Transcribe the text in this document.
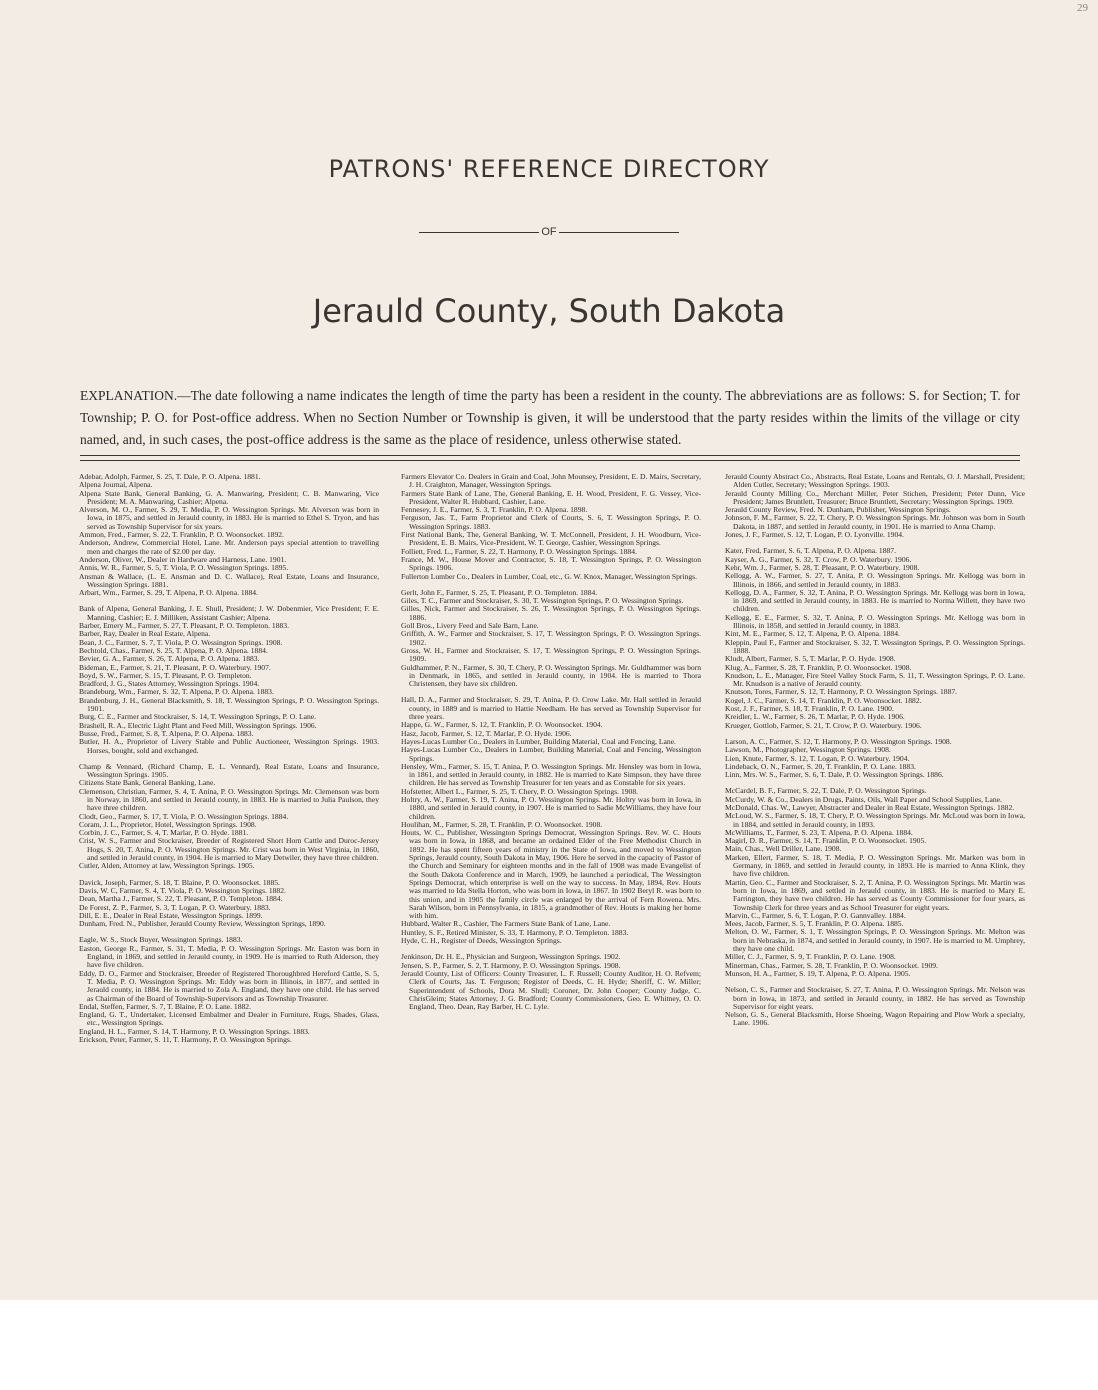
29
PATRONS' REFERENCE DIRECTORY
OF
Jerauld County, South Dakota
EXPLANATION.—The date following a name indicates the length of time the party has been a resident in the county. The abbreviations are as follows: S. for Section; T. for Township; P. O. for Post-office address. When no Section Number or Township is given, it will be understood that the party resides within the limits of the village or city named, and, in such cases, the post-office address is the same as the place of residence, unless otherwise stated.

Adebar, Adolph, Farmer, S. 25, T. Dale, P. O. Alpena. 1881.

Alpena Journal, Alpena.

Alpena State Bank, General Banking, G. A. Manwaring, President; C. B. Manwaring, Vice President; M. A. Manwaring, Cashier; Alpena.

Alverson, M. O., Farmer, S. 29, T. Media, P. O. Wessington Springs. Mr. Alverson was born in Iowa, in 1875, and settled in Jerauld county, in 1883. He is married to Ethel S. Tryon, and has served as Township Supervisor for six years.

Ammon, Fred., Farmer, S. 22, T. Franklin, P. O. Woonsocket. 1892.

Anderson, Andrew, Commercial Hotel, Lane. Mr. Anderson pays special attention to travelling men and charges the rate of $2.00 per day.

Anderson, Oliver, W., Dealer in Hardware and Harness, Lane. 1901.

Annis, W. R., Farmer, S. 5, T. Viola, P. O. Wessington Springs. 1895.

Ansman & Wallace, (L. E. Ansman and D. C. Wallace), Real Estate, Loans and Insurance, Wessington Springs. 1881.

Arbart, Wm., Farmer, S. 29, T. Alpena, P. O. Alpena. 1884.

Bank of Alpena, General Banking, J. E. Shull, President; J. W. Dobenmier, Vice President; F. E. Manning, Cashier; E. J. Milliken, Assistant Cashier; Alpena.

Barber, Emery M., Farmer, S. 27, T. Pleasant, P. O. Templeton. 1883.

Barber, Ray, Dealer in Real Estate, Alpena.

Bean, J. C., Farmer, S. 7, T. Viola, P. O. Wessington Springs. 1908.

Bechtold, Chas., Farmer, S. 25, T. Alpena, P. O. Alpena. 1884.

Bevier, G. A., Farmer, S. 26, T. Alpena, P. O. Alpena. 1883.

Bideman, E., Farmer, S. 21, T. Pleasant, P. O. Waterbury. 1907.

Boyd, S. W., Farmer, S. 15, T. Pleasant, P. O. Templeton.

Bradford, J. G., States Attorney, Wessington Springs. 1904.

Brandeburg, Wm., Farmer, S. 32, T. Alpena, P. O. Alpena. 1883.

Brandenburg, J. H., General Blacksmith, S. 18, T. Wessington Springs, P. O. Wessington Springs. 1901.

Burg, C. E., Farmer and Stockraiser, S. 14, T. Wessington Springs, P. O. Lane.

Brashell, R. A., Electric Light Plant and Feed Mill, Wessington Springs. 1906.

Busse, Fred., Farmer, S. 8, T. Alpena, P. O. Alpena. 1883.

Butler, H. A., Proprietor of Livery Stable and Public Auctioneer, Wessington Springs. 1903. Horses, bought, sold and exchanged.

Champ & Vennard, (Richard Champ, E. L. Vennard), Real Estate, Loans and Insurance, Wessington Springs. 1905.

Citizens State Bank, General Banking, Lane.

Clemenson, Christian, Farmer, S. 4, T. Anina, P. O. Wessington Springs. Mr. Clemenson was born in Norway, in 1860, and settled in Jerauld county, in 1883. He is married to Julia Paulson, they have three children.

Clodt, Geo., Farmer, S. 17, T. Viola, P. O. Wessington Springs. 1884.

Coram, J. L., Proprietor, Hotel, Wessington Springs. 1908.

Corbin, J. C., Farmer, S. 4, T. Marlar, P. O. Hyde. 1881.

Crist, W. S., Farmer and Stockraiser, Breeder of Registered Short Horn Cattle and Duroc-Jersey Hogs, S. 20, T. Anina, P. O. Wessington Springs. Mr. Crist was born in West Virginia, in 1860, and settled in Jerauld county, in 1904. He is married to Mary Detwiler, they have three children.

Cutler, Alden, Attorney at law, Wessington Springs. 1905.

Davick, Joseph, Farmer, S. 18, T. Blaine, P. O. Woonsocket. 1885.

Davis, W. C, Farmer, S. 4, T. Viola, P. O. Wessington Springs. 1882.

Dean, Martha J., Farmer, S. 22, T. Pleasant, P. O. Templeton. 1884.

De Forest, Z. P., Farmer, S. 3, T. Logan, P. O. Waterbury. 1883.

Dill, E. E., Dealer in Real Estate, Wessington Springs. 1899.

Dunham, Fred. N., Publisher, Jerauld County Review, Wessington Springs, 1890.

Eagle, W. S., Stock Buyer, Wessington Springs. 1883.

Easton, George R., Farmer, S. 31, T. Media, P. O. Wessington Springs. Mr. Easton was born in England, in 1869, and settled in Jerauld county, in 1909. He is married to Ruth Alderson, they have five children.

Eddy, D. O., Farmer and Stockraiser, Breeder of Registered Thoroughbred Hereford Cattle, S. 5, T. Media, P. O. Wessington Springs. Mr. Eddy was born in Illinois, in 1877, and settled in Jerauld county, in 1884. He is married to Zola A. England, they have one child. He has served as Chairman of the Board of Township-Supervisors and as Township Treasurer.

Endal, Steffen, Farmer, S. 7, T. Blaine, P. O. Lane. 1882.

England, G. T., Undertaker, Licensed Embalmer and Dealer in Furniture, Rugs, Shades, Glass, etc., Wessington Springs.

England, H. L., Farmer, S. 14, T. Harmony, P. O. Wessington Springs. 1883.

Erickson, Peter, Farmer, S. 11, T. Harmony, P. O. Wessington Springs.

Farmers Elevator Co. Dealers in Grain and Coal, John Mounsey, President, E. D. Mairs, Secretary, J. H. Craighton, Manager, Wessington Springs.

Farmers State Bank of Lane, The, General Banking, E. H. Wood, President, F. G. Vessey, Vice-President, Walter R. Hubbard, Cashier, Lane.

Fennesey, J. E., Farmer, S. 3, T. Franklin, P. O. Alpena. 1898.

Ferguson, Jas. T., Farm Proprietor and Clerk of Courts, S. 6, T. Wessington Springs, P. O. Wessington Springs. 1883.

First National Bank, The, General Banking, W. T. McConnell, President, J. H. Woodburn, Vice-President, E. B. Mairs, Vice-President, W. T. George, Cashier, Wessington Springs.

Folliett, Fred. L., Farmer, S. 22, T. Harmony, P. O. Wessington Springs. 1884.

France, M. W., House Mover and Contractor, S. 18, T. Wessington Springs, P. O. Wessington Springs. 1906.

Fullerton Lumber Co., Dealers in Lumber, Coal, etc., G. W. Knox, Manager, Wessington Springs.

Gerlt, John F., Farmer, S. 25, T. Pleasant, P. O. Templeton. 1884.

Giles, T. C., Farmer and Stockraiser, S. 30, T. Wessington Springs, P. O. Wessington Springs.

Gilles, Nick, Farmer and Stockraiser, S. 26, T. Wessington Springs, P. O. Wessington Springs. 1886.

Goll Bros., Livery Feed and Sale Barn, Lane.

Griffith, A. W., Farmer and Stockraiser, S. 17, T. Wessington Springs, P. O. Wessington Springs. 1902.

Gross, W. H., Farmer and Stockraiser, S. 17, T. Wessington Springs, P. O. Wessington Springs. 1909.

Guldhammer, P. N., Farmer, S. 30, T. Chery, P. O. Wessington Springs. Mr. Guldhammer was born in Denmark, in 1865, and settled in Jerauld county, in 1904. He is married to Thora Christensen, they have six children.

Hall, D. A., Farmer and Stockraiser, S. 29, T. Anina, P. O. Crow Lake. Mr. Hall settled in Jerauld county, in 1889 and is married to Hattie Needham. He has served as Township Supervisor for three years.

Happe, G. W., Farmer, S. 12, T. Franklin, P. O. Woonsocket. 1904.

Hasz, Jacob, Farmer, S. 12, T. Marlar, P. O. Hyde. 1906.

Hayes-Lucas Lumber Co., Dealers in Lumber, Building Material, Coal and Fencing, Lane.

Hayes-Lucas Lumber Co., Dealers in Lumber, Building Material, Coal and Fencing, Wessington Springs.

Hensley, Wm., Farmer, S. 15, T. Anina, P. O. Wessington Springs. Mr. Hensley was born in Iowa, in 1861, and settled in Jerauld county, in 1882. He is married to Kate Simpson, they have three children. He has served as Township Treasurer for ten years and as Constable for six years.

Hofstetter, Albert L., Farmer, S. 25, T. Chery, P. O. Wessington Springs. 1908.

Holtry, A. W., Farmer, S. 19, T. Anina, P. O. Wessington Springs. Mr. Holtry was born in Iowa, in 1880, and settled in Jerauld county, in 1907. He is married to Sadie McWilliams, they have four children.

Houlihan, M., Farmer, S. 28, T. Franklin, P. O. Woonsocket. 1908.

Houts, W. C., Publisher, Wessington Springs Democrat, Wessington Springs. Rev. W. C. Houts was born in Iowa, in 1868, and became an ordained Elder of the Free Methodist Church in 1892. He has spent fifteen years of ministry in the State of Iowa, and moved to Wessington Springs, Jerauld county, South Dakota in May, 1906. Here he served in the capacity of Pastor of the Church and Seminary for eighteen months and in the fall of 1908 was made Evangelist of the South Dakota Conference and in March, 1909, he launched a periodical, The Wessington Springs Democrat, which enterprise is well on the way to success. In May, 1894, Rev. Houts was married to Ida Stella Horton, who was born in Iowa, in 1867. In 1902 Beryl R. was born to this union, and in 1905 the family circle was enlarged by the arrival of Fern Rowena. Mrs. Sarah Wilson, born in Pennsylvania, in 1815, a grandmother of Rev. Houts is making her home with him.

Hubbard, Walter R., Cashier, The Farmers State Bank of Lane, Lane.

Huntley, S. F., Retired Minister, S. 33, T. Harmony, P. O. Templeton. 1883.

Hyde, C. H., Register of Deeds, Wessington Springs.

Jenkinson, Dr. H. E., Physician and Surgeon, Wessington Springs. 1902.

Jensen, S. P., Farmer, S. 2, T. Harmony, P. O. Wessington Springs. 1908.

Jerauld County, List of Officers: County Treasurer, L. F. Russell; County Auditor, H. O. Refvem; Clerk of Courts, Jas. T. Ferguson; Register of Deeds, C. H. Hyde; Sheriff, C. W. Miller; Superintendent of Schools, Dora M. Shull; Coroner, Dr. John Cooper; County Judge, C. ChrisGleim; States Attorney, J. G. Bradford; County Commissioners, Geo. E. Whitney, O. O. England, Theo. Dean, Ray Barber, H. C. Lyle.

Jerauld County Abstract Co., Abstracts, Real Estate, Loans and Rentals, O. J. Marshall, President; Alden Cutler, Secretary; Wessington Springs. 1903.

Jerauld County Milling Co., Merchant Miller, Peter Stichen, President; Peter Dunn, Vice President; James Bruntlett, Treasurer; Bruce Bruntlett, Secretary; Wessington Springs. 1909.

Jerauld County Review, Fred. N. Dunham, Publisher, Wessington Springs.

Johnson, F. M., Farmer, S. 22, T. Chery, P. O. Wessington Springs. Mr. Johnson was born in South Dakota, in 1887, and settled in Jerauld county, in 1901. He is married to Anna Champ.

Jones, J. F., Farmer, S. 12, T. Logan, P. O. Lyonville. 1904.

Kater, Fred, Farmer, S. 6, T. Alpena, P. O. Alpena. 1887.

Kayser, A. G., Farmer, S. 32, T. Crow, P. O. Waterbury. 1906.

Kehr, Wm. J., Farmer, S. 28, T. Pleasant, P. O. Waterbury. 1908.

Kellogg, A. W., Farmer, S. 27, T. Anita, P. O. Wessington Springs. Mr. Kellogg was born in Illinois, in 1866, and settled in Jerauld county, in 1883.

Kellogg, D. A., Farmer, S. 32, T. Anina, P. O. Wessington Springs. Mr. Kellogg was born in Iowa, in 1869, and settled in Jerauld county, in 1883. He is married to Norma Willett, they have two children.

Kellogg, E. E., Farmer, S. 32, T. Anina, P. O. Wessington Springs. Mr. Kellogg was born in Illinois, in 1858, and settled in Jerauld county, in 1883.

Kint, M. E., Farmer, S. 12, T. Alpena, P. O. Alpena. 1884.

Kleppin, Paul F., Farmer and Stockraiser, S. 32, T. Wessington Springs, P. O. Wessington Springs. 1888.

Kludt, Albert, Farmer, S. 5, T. Marlar, P. O. Hyde. 1908.

Klug, A., Farmer, S. 28, T. Franklin, P. O. Woonsocket. 1908.

Knudson, L. E., Manager, Fire Steel Valley Stock Farm, S. 11, T. Wessington Springs, P. O. Lane. Mr. Knudson is a native of Jerauld county.

Knutson, Tores, Farmer, S. 12, T. Harmony, P. O. Wessington Springs. 1887.

Kogel, J. C., Farmer, S. 14, T. Franklin, P. O. Woonsocket. 1882.

Kost, J. F., Farmer, S. 18, T. Franklin, P. O. Lane. 1900.

Kreidler, L. W., Farmer, S. 26, T. Marlar, P. O. Hyde. 1906.

Krueger, Gottlob, Farmer, S. 21, T. Crow, P. O. Waterbury. 1906.

Larson, A. C., Farmer, S. 12, T. Harmony, P. O. Wessington Springs. 1908.

Lawson, M., Photographer, Wessington Springs. 1908.

Lien, Knute, Farmer, S. 12, T. Logan, P. O. Waterbury. 1904.

Lindeback, O. N., Farmer, S. 20, T. Franklin, P. O. Lane. 1883.

Linn, Mrs. W. S., Farmer, S. 6, T. Dale, P. O. Wessington Springs. 1886.

McCardel, B. F., Farmer, S. 22, T. Dale, P. O. Wessington Springs.

McCurdy, W. & Co., Dealers in Drugs, Paints, Oils, Wall Paper and School Supplies, Lane.

McDonald, Chas. W., Lawyer, Abstracter and Dealer in Real Estate, Wessington Springs. 1882.

McLoud, W. S., Farmer, S. 18, T. Chery, P. O. Wessington Springs. Mr. McLoud was born in Iowa, in 1884, and settled in Jerauld county, in 1893.

McWilliams, T., Farmer, S. 23, T. Alpena, P. O. Alpena. 1884.

Magirl, D. R., Farmer, S. 14, T. Franklin, P. O. Woonsocket. 1905.

Main, Chas., Well Driller, Lane. 1908.

Marken, Ellert, Farmer, S. 18, T. Media, P. O. Wessington Springs. Mr. Marken was born in Germany, in 1869, and settled in Jerauld county, in 1893. He is married to Anna Klink, they have five children.

Martin, Geo. C., Farmer and Stockraiser, S. 2, T. Anina, P. O. Wessington Springs. Mr. Martin was born in Iowa, in 1869, and settled in Jerauld county, in 1883. He is married to Mary E. Farrington, they have two children. He has served as County Commissioner for four years, as Township Clerk for three years and as School Treasurer for eight years.

Marvin, C., Farmer, S. 6, T. Logan, P. O. Gannvalley. 1884.

Mees, Jacob, Farmer, S. 5, T. Franklin, P. O. Alpena. 1885.

Melton, O. W., Farmer, S. 1, T. Wessington Springs, P. O. Wessington Springs. Mr. Melton was born in Nebraska, in 1874, and settled in Jerauld county, in 1907. He is married to M. Umphrey, they have one child.

Miller, C. J., Farmer, S. 9, T. Franklin, P. O. Lane. 1908.

Minerman, Chas., Farmer, S. 28, T. Franklin, P. O. Woonsocket. 1909.

Munson, H. A., Farmer, S. 19, T. Alpena, P. O. Alpena. 1905.

Nelson, C. S., Farmer and Stockraiser, S. 27, T. Anina, P. O. Wessington Springs. Mr. Nelson was born in Iowa, in 1873, and settled in Jerauld county, in 1882. He has served as Township Supervisor for eight years.

Nelson, G. S., General Blacksmith, Horse Shoeing, Wagon Repairing and Plow Work a specialty, Lane. 1906.
